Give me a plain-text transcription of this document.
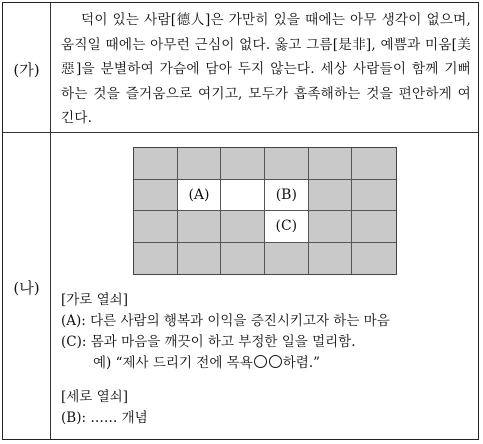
(가)

덕이 있는 사람[德人]은 가만히 있을 때에는 아무 생각이 없으며, 움직일 때에는 아무런 근심이 없다. 옳고 그름[是非], 예쁨과 미움[美惡]을 분별하여 가슴에 담아 두지 않는다. 세상 사람들이 함께 기뻐하는 것을 즐거움으로 여기고, 모두가 흡족해하는 것을 편안하게 여긴다.

(나)
(A)	(B)
(C)
[가로 열쇠]
(A): 다른 사람의 행복과 이익을 증진시키고자 하는 마음
(C): 몸과 마음을 깨끗이 하고 부정한 일을 멀리함.
예) “제사 드리기 전에 목욕 하렴.”
[세로 열쇠]
(B): …… 개념
